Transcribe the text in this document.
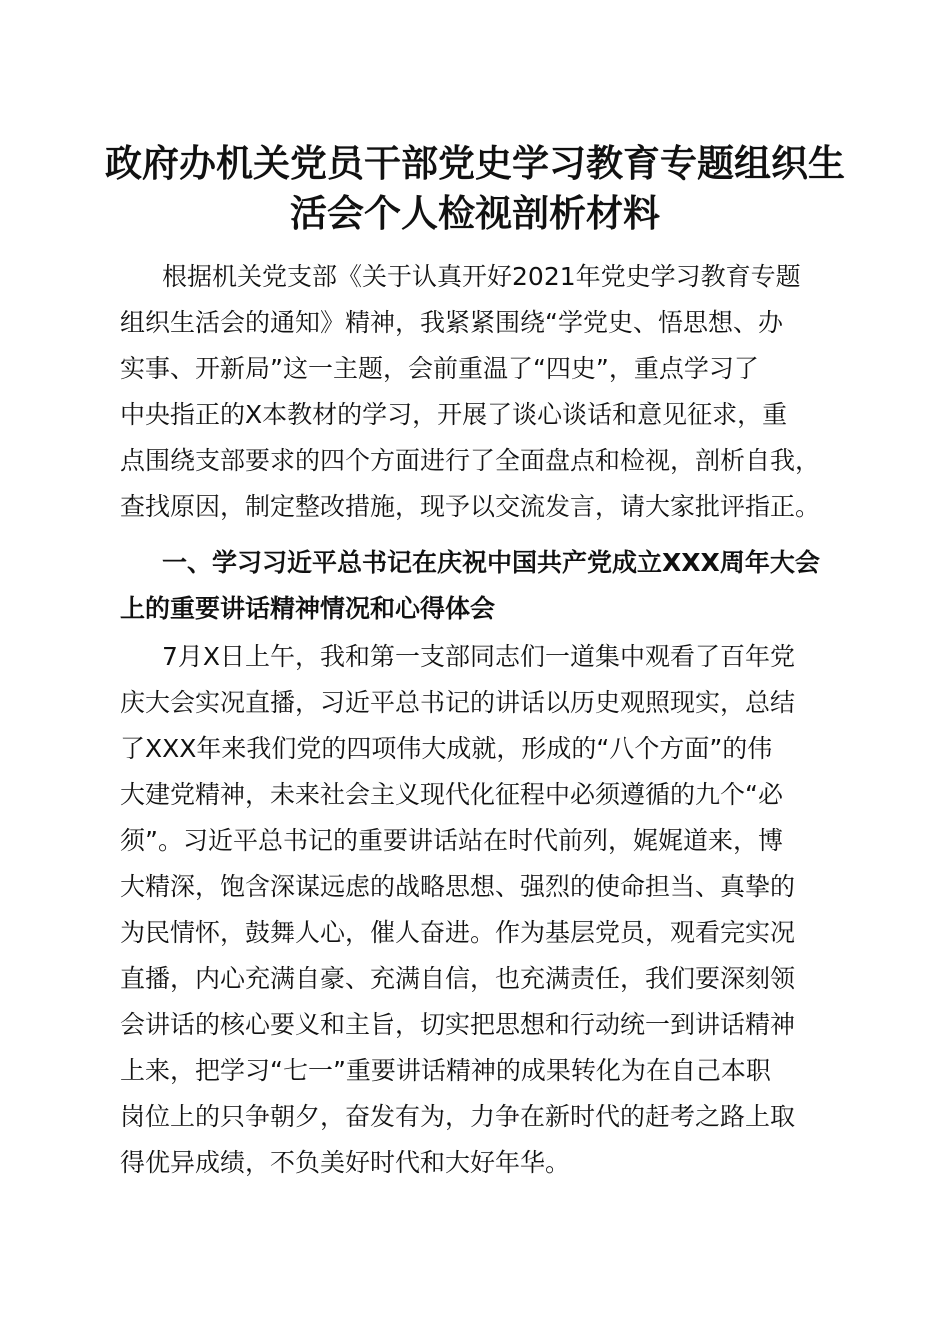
政府办机关党员干部党史学习教育专题组织生
活会个人检视剖析材料

根据机关党支部《关于认真开好2021年党史学习教育专题
组织生活会的通知》精神，我紧紧围绕“学党史、悟思想、办
实事、开新局”这一主题，会前重温了“四史”，重点学习了
中央指正的X本教材的学习，开展了谈心谈话和意见征求，重
点围绕支部要求的四个方面进行了全面盘点和检视，剖析自我，
查找原因，制定整改措施，现予以交流发言，请大家批评指正。

一、学习习近平总书记在庆祝中国共产党成立XXX周年大会
上的重要讲话精神情况和心得体会

7月X日上午，我和第一支部同志们一道集中观看了百年党
庆大会实况直播，习近平总书记的讲话以历史观照现实，总结
了XXX年来我们党的四项伟大成就，形成的“八个方面”的伟
大建党精神，未来社会主义现代化征程中必须遵循的九个“必
须”。习近平总书记的重要讲话站在时代前列，娓娓道来，博
大精深，饱含深谋远虑的战略思想、强烈的使命担当、真挚的
为民情怀，鼓舞人心，催人奋进。作为基层党员，观看完实况
直播，内心充满自豪、充满自信，也充满责任，我们要深刻领
会讲话的核心要义和主旨，切实把思想和行动统一到讲话精神
上来，把学习“七一”重要讲话精神的成果转化为在自己本职
岗位上的只争朝夕，奋发有为，力争在新时代的赶考之路上取
得优异成绩，不负美好时代和大好年华。
